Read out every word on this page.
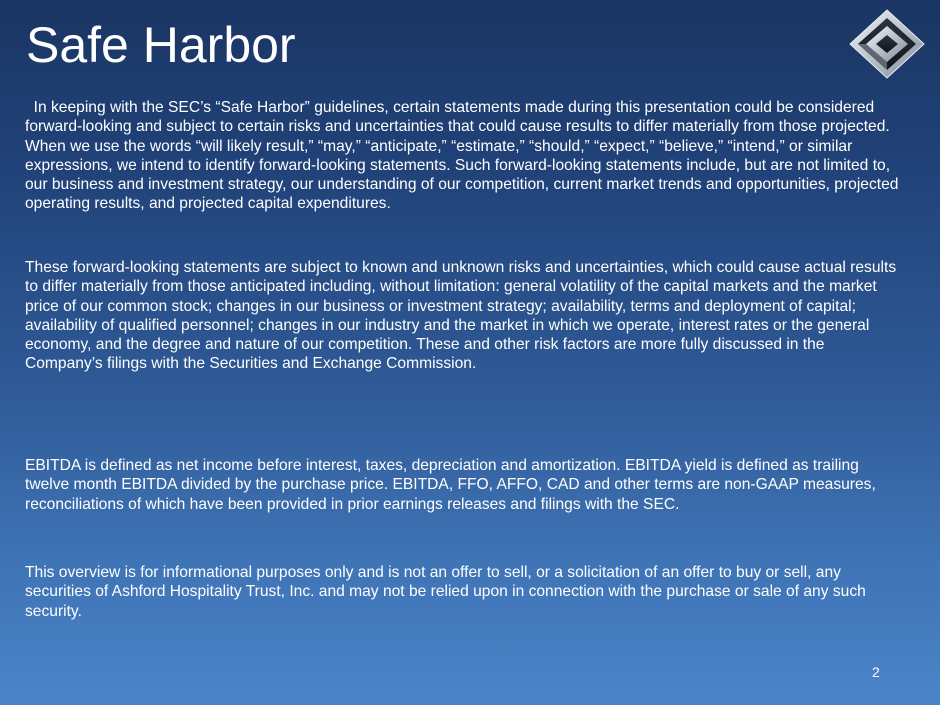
Safe Harbor

In keeping with the SEC’s “Safe Harbor” guidelines, certain statements made during this presentation could be considered forward-looking and subject to certain risks and uncertainties that could cause results to differ materially from those projected. When we use the words “will likely result,” “may,” “anticipate,” “estimate,” “should,” “expect,” “believe,” “intend,” or similar expressions, we intend to identify forward-looking statements. Such forward-looking statements include, but are not limited to, our business and investment strategy, our understanding of our competition, current market trends and opportunities, projected operating results, and projected capital expenditures.

These forward-looking statements are subject to known and unknown risks and uncertainties, which could cause actual results to differ materially from those anticipated including, without limitation: general volatility of the capital markets and the market price of our common stock; changes in our business or investment strategy; availability, terms and deployment of capital; availability of qualified personnel; changes in our industry and the market in which we operate, interest rates or the general economy, and the degree and nature of our competition. These and other risk factors are more fully discussed in the Company’s filings with the Securities and Exchange Commission.

EBITDA is defined as net income before interest, taxes, depreciation and amortization. EBITDA yield is defined as trailing twelve month EBITDA divided by the purchase price. EBITDA, FFO, AFFO, CAD and other terms are non-GAAP measures, reconciliations of which have been provided in prior earnings releases and filings with the SEC.

This overview is for informational purposes only and is not an offer to sell, or a solicitation of an offer to buy or sell, any securities of Ashford Hospitality Trust, Inc. and may not be relied upon in connection with the purchase or sale of any such security.

2
